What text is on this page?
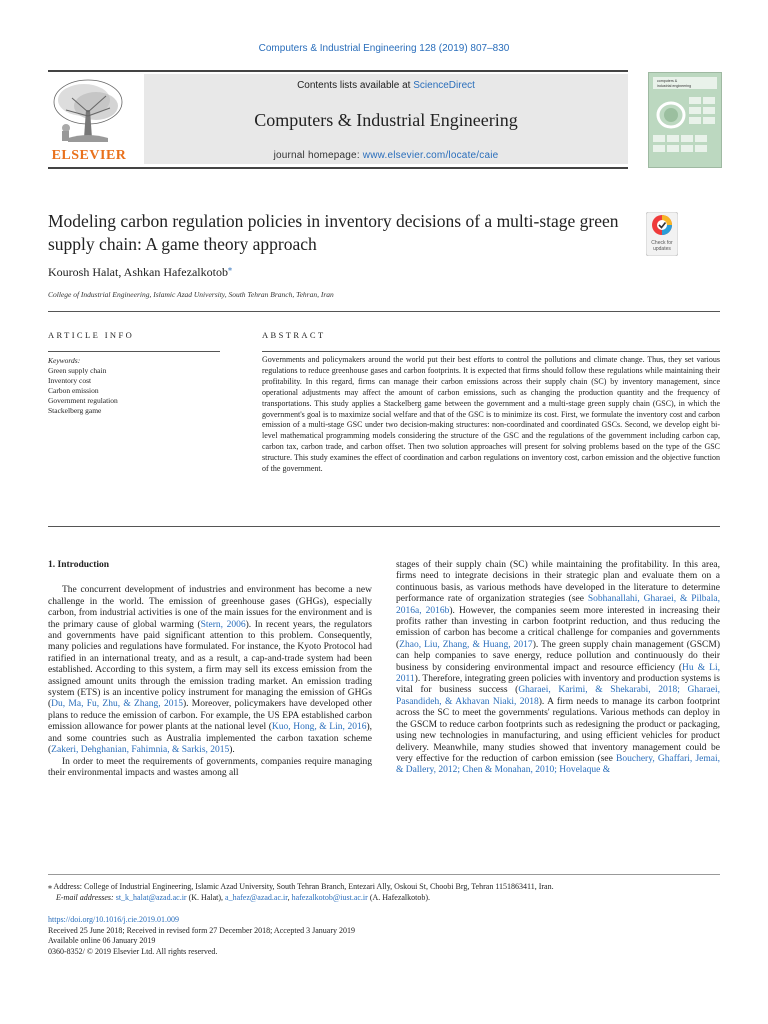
Computers & Industrial Engineering 128 (2019) 807–830
ELSEVIER
Contents lists available at ScienceDirect
Computers & Industrial Engineering
journal homepage: www.elsevier.com/locate/caie
computers &
industrial engineering
Modeling carbon regulation policies in inventory decisions of a multi-stage green supply chain: A game theory approach	Check for
updates
Kourosh Halat, Ashkan Hafezalkotob⁎
College of Industrial Engineering, Islamic Azad University, South Tehran Branch, Tehran, Iran
ARTICLE INFO	ABSTRACT
Keywords:
Green supply chain
Inventory cost
Carbon emission
Government regulation
Stackelberg game
Governments and policymakers around the world put their best efforts to control the pollutions and climate change. Thus, they set various regulations to reduce greenhouse gases and carbon footprints. It is expected that firms should follow these regulations while maintaining their profitability. In this regard, firms can manage their carbon emissions across their supply chain (SC) by inventory management, since operational adjustments may affect the amount of carbon emissions, such as changing the production quantity and the frequency of transportations. This study applies a Stackelberg game between the government and a multi-stage green supply chain (GSC), in which the government's goal is to maximize social welfare and that of the GSC is to minimize its cost. First, we formulate the inventory cost and carbon emission of a multi-stage GSC under two decision-making structures: non-coordinated and coordinated GSCs. Second, we develop eight bi-level mathematical programming models considering the structure of the GSC and the regulations of the government including carbon cap, carbon tax, carbon trade, and carbon offset. Then two solution approaches will present for solving problems based on the type of the GSC structure. This study examines the effect of coordination and carbon regulations on inventory cost, carbon emission and the objective function of the government.
1. Introduction

The concurrent development of industries and environment has become a new challenge in the world. The emission of greenhouse gases (GHGs), especially carbon, from industrial activities is one of the main issues for the environment and is the primary cause of global warming (Stern, 2006). In recent years, the regulators and governments have paid significant attention to this problem. Consequently, many policies and regulations have formulated. For instance, the Kyoto Protocol had ratified in an international treaty, and as a result, a cap-and-trade system had been established. According to this system, a firm may sell its excess emission from the assigned amount units through the emission trading market. An emission trading system (ETS) is an incentive policy instrument for managing the emission of GHGs (Du, Ma, Fu, Zhu, & Zhang, 2015). Moreover, policymakers have developed other plans to reduce the emission of carbon. For example, the US EPA established carbon emission allowance for power plants at the national level (Kuo, Hong, & Lin, 2016), and some countries such as Australia implemented the carbon taxation scheme (Zakeri, Dehghanian, Fahimnia, & Sarkis, 2015).

In order to meet the requirements of governments, companies require managing their environmental impacts and wastes among all

stages of their supply chain (SC) while maintaining the profitability. In this area, firms need to integrate decisions in their strategic plan and evaluate them on a continuous basis, as various methods have developed in the literature to determine performance rate of organization strategies (see Sobhanallahi, Gharaei, & Pilbala, 2016a, 2016b). However, the companies seem more interested in increasing their profits rather than investing in carbon footprint reduction, and thus reducing the emission of carbon has become a critical challenge for companies and governments (Zhao, Liu, Zhang, & Huang, 2017). The green supply chain management (GSCM) can help companies to save energy, reduce pollution and continuously do their business by considering environmental impact and resource efficiency (Hu & Li, 2011). Therefore, integrating green policies with inventory and production systems is vital for business success (Gharaei, Karimi, & Shekarabi, 2018; Gharaei, Pasandideh, & Akhavan Niaki, 2018). A firm needs to manage its carbon footprint across the SC to meet the governments' regulations. Various methods can deploy in the GSCM to reduce carbon footprints such as redesigning the product or packaging, using new technologies in manufacturing, and using efficient vehicles for product delivery. Meanwhile, many studies showed that inventory management could be very effective for the reduction of carbon emission (see Bouchery, Ghaffari, Jemai, & Dallery, 2012; Chen & Monahan, 2010; Hovelaque &

⁎ Address: College of Industrial Engineering, Islamic Azad University, South Tehran Branch, Entezari Ally, Oskoui St, Choobi Brg, Tehran 1151863411, Iran.
E-mail addresses: st_k_halat@azad.ac.ir (K. Halat), a_hafez@azad.ac.ir, hafezalkotob@iust.ac.ir (A. Hafezalkotob).
https://doi.org/10.1016/j.cie.2019.01.009
Received 25 June 2018; Received in revised form 27 December 2018; Accepted 3 January 2019
Available online 06 January 2019
0360-8352/ © 2019 Elsevier Ltd. All rights reserved.
